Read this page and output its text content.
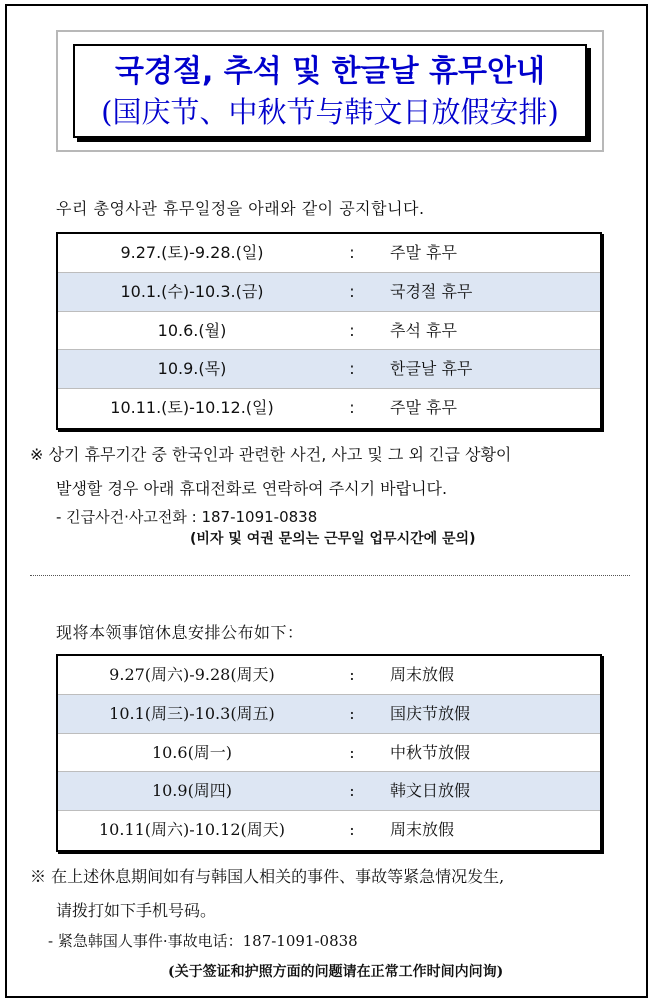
국경절, 추석 및 한글날 휴무안내
(国庆节、中秋节与韩文日放假安排)
우리 총영사관 휴무일정을 아래와 같이 공지합니다.
9.27.(토)-9.28.(일)	:	주말 휴무
10.1.(수)-10.3.(금)	:	국경절 휴무
10.6.(월)	:	추석 휴무
10.9.(목)	:	한글날 휴무
10.11.(토)-10.12.(일)	:	주말 휴무
※ 상기 휴무기간 중 한국인과 관련한 사건, 사고 및 그 외 긴급 상황이
발생할 경우 아래 휴대전화로 연락하여 주시기 바랍니다.
- 긴급사건·사고전화 : 187-1091-0838
(비자 및 여권 문의는 근무일 업무시간에 문의)
现将本领事馆休息安排公布如下：
9.27(周六)-9.28(周天)	:	周末放假
10.1(周三)-10.3(周五)	:	国庆节放假
10.6(周一)	:	中秋节放假
10.9(周四)	:	韩文日放假
10.11(周六)-10.12(周天)	:	周末放假
※ 在上述休息期间如有与韩国人相关的事件、事故等紧急情况发生,
请拨打如下手机号码。
- 紧急韩国人事件·事故电话：187-1091-0838
(关于签证和护照方面的问题请在正常工作时间内问询)
